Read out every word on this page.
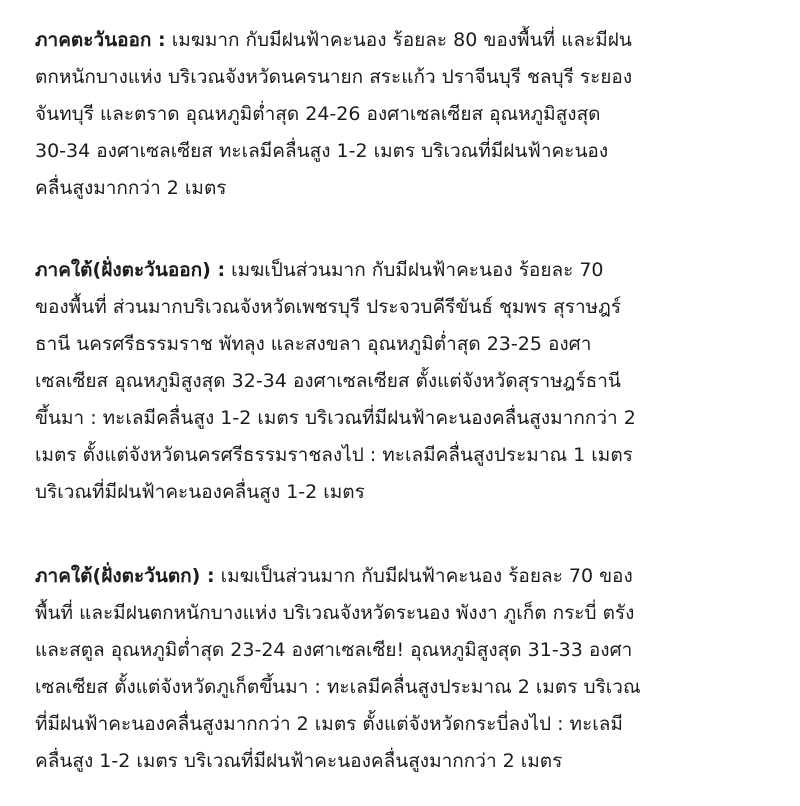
ภาคตะวันออก : เมฆมาก กับมีฝนฟ้าคะนอง ร้อยละ 80 ของพื้นที่ และมีฝน
ตกหนักบางแห่ง บริเวณจังหวัดนครนายก สระแก้ว ปราจีนบุรี ชลบุรี ระยอง
จันทบุรี และตราด อุณหภูมิต่ำสุด 24-26 องศาเซลเซียส อุณหภูมิสูงสุด
30-34 องศาเซลเซียส ทะเลมีคลื่นสูง 1-2 เมตร บริเวณที่มีฝนฟ้าคะนอง
คลื่นสูงมากกว่า 2 เมตร

ภาคใต้(ฝั่งตะวันออก) : เมฆเป็นส่วนมาก กับมีฝนฟ้าคะนอง ร้อยละ 70
ของพื้นที่ ส่วนมากบริเวณจังหวัดเพชรบุรี ประจวบคีรีขันธ์ ชุมพร สุราษฎร์
ธานี นครศรีธรรมราช พัทลุง และสงขลา อุณหภูมิต่ำสุด 23-25 องศา
เซลเซียส อุณหภูมิสูงสุด 32-34 องศาเซลเซียส ตั้งแต่จังหวัดสุราษฎร์ธานี
ขึ้นมา : ทะเลมีคลื่นสูง 1-2 เมตร บริเวณที่มีฝนฟ้าคะนองคลื่นสูงมากกว่า 2
เมตร ตั้งแต่จังหวัดนครศรีธรรมราชลงไป : ทะเลมีคลื่นสูงประมาณ 1 เมตร
บริเวณที่มีฝนฟ้าคะนองคลื่นสูง 1-2 เมตร

ภาคใต้(ฝั่งตะวันตก) : เมฆเป็นส่วนมาก กับมีฝนฟ้าคะนอง ร้อยละ 70 ของ
พื้นที่ และมีฝนตกหนักบางแห่ง บริเวณจังหวัดระนอง พังงา ภูเก็ต กระบี่ ตรัง
และสตูล อุณหภูมิต่ำสุด 23-24 องศาเซลเซีย! อุณหภูมิสูงสุด 31-33 องศา
เซลเซียส ตั้งแต่จังหวัดภูเก็ตขึ้นมา : ทะเลมีคลื่นสูงประมาณ 2 เมตร บริเวณ
ที่มีฝนฟ้าคะนองคลื่นสูงมากกว่า 2 เมตร ตั้งแต่จังหวัดกระบี่ลงไป : ทะเลมี
คลื่นสูง 1-2 เมตร บริเวณที่มีฝนฟ้าคะนองคลื่นสูงมากกว่า 2 เมตร
